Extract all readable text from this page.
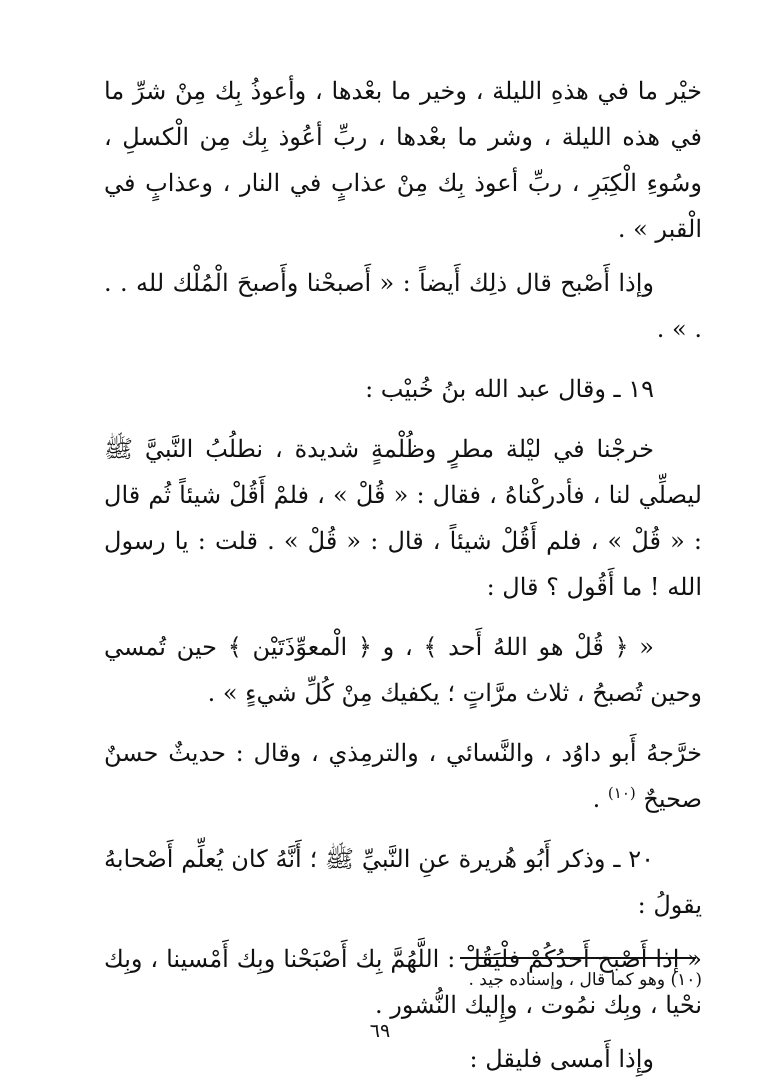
خيْر ما في هذهِ الليلة ، وخير ما بعْدها ، وأعوذُ بِك مِنْ شرِّ ما في هذه الليلة ، وشر ما بعْدها ، ربِّ أعُوذ بِك مِن الْكسلِ ، وسُوءِ الْكِبَرِ ، ربِّ أعوذ بِك مِنْ عذابٍ في النار ، وعذابٍ في الْقبر » .

وإذا أَصْبح قال ذلِك أَيضاً : « أَصبحْنا وأَصبحَ الْمُلْك لله . . . » .

١٩ ـ وقال عبد الله بنُ خُبيْب :

خرجْنا في ليْلة مطرٍ وظُلْمةٍ شديدة ، نطلُبُ النَّبيَّ ﷺ ليصلِّي لنا ، فأدركْناهُ ، فقال : « قُلْ » ، فلمْ أَقُلْ شيئاً ثُم قال : « قُلْ » ، فلم أَقُلْ شيئاً ، قال : « قُلْ » . قلت : يا رسول الله ! ما أَقُول ؟ قال :

« ﴿ قُلْ هو اللهُ أَحد ﴾ ، و ﴿ الْمعوِّذَتَيْن ﴾ حين تُمسي وحين تُصبحُ ، ثلاث مرَّاتٍ ؛ يكفيك مِنْ كُلِّ شيءٍ » .

خرَّجهُ أَبو داوُد ، والنَّسائي ، والترمِذي ، وقال : حديثٌ حسنٌ صحيحٌ $^{(١٠)}$ .

٢٠ ـ وذكر أَبُو هُريرة عنِ النَّبيِّ ﷺ ؛ أَنَّهُ كان يُعلِّم أَصْحابهُ يقولُ :

« إذا أَصْبح أَحدُكُمْ فلْيَقُلْ : اللَّهُمَّ بِك أَصْبَحْنا وبِك أَمْسينا ، وبِك نحْيا ، وبِك نمُوت ، وإِليك النُّشور .

وإِذا أَمسى فليقل :

(١٠) وهو كما قال ، وإسناده جيد .
٦٩
